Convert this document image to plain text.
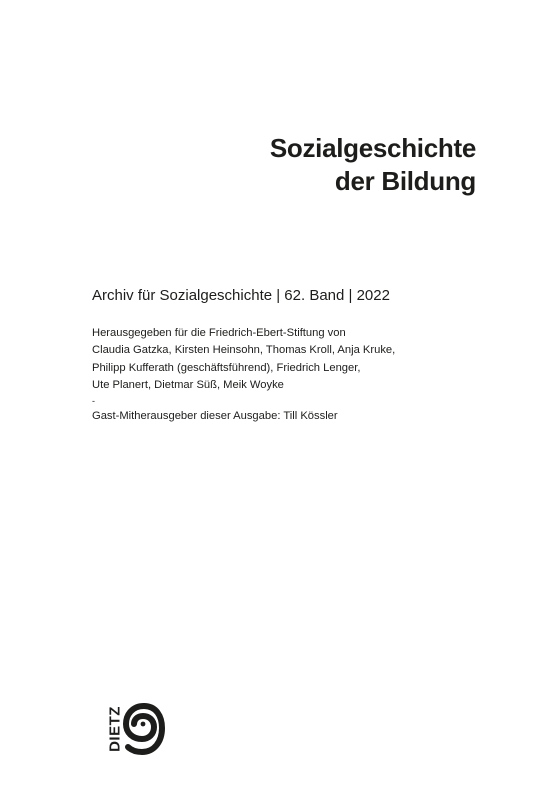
Sozialgeschichte
der Bildung
Archiv für Sozialgeschichte | 62. Band | 2022
Herausgegeben für die Friedrich-Ebert-Stiftung von
Claudia Gatzka, Kirsten Heinsohn, Thomas Kroll, Anja Kruke,
Philipp Kufferath (geschäftsführend), Friedrich Lenger,
Ute Planert, Dietmar Süß, Meik Woyke
-
Gast-Mitherausgeber dieser Ausgabe: Till Kössler
DIETZ
